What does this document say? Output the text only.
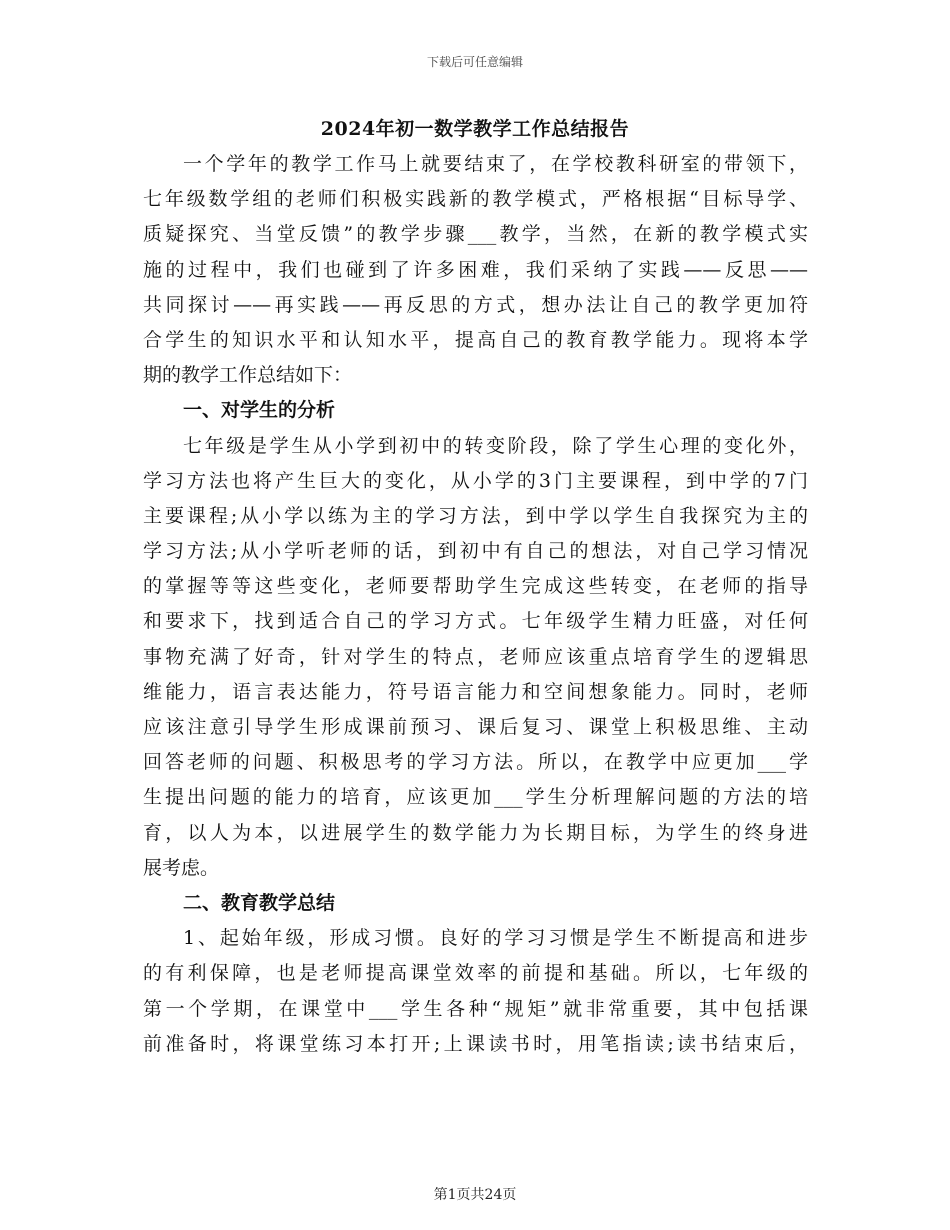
下载后可任意编辑
2024年初一数学教学工作总结报告
一个学年的教学工作马上就要结束了，在学校教科研室的带领下，
七年级数学组的老师们积极实践新的教学模式，严格根据“目标导学、
质疑探究、当堂反馈”的教学步骤___教学，当然，在新的教学模式实
施的过程中，我们也碰到了许多困难，我们采纳了实践——反思——
共同探讨——再实践——再反思的方式，想办法让自己的教学更加符
合学生的知识水平和认知水平，提高自己的教育教学能力。现将本学
期的教学工作总结如下：
一、对学生的分析
七年级是学生从小学到初中的转变阶段，除了学生心理的变化外，
学习方法也将产生巨大的变化，从小学的3门主要课程，到中学的7门
主要课程;从小学以练为主的学习方法，到中学以学生自我探究为主的
学习方法;从小学听老师的话，到初中有自己的想法，对自己学习情况
的掌握等等这些变化，老师要帮助学生完成这些转变，在老师的指导
和要求下，找到适合自己的学习方式。七年级学生精力旺盛，对任何
事物充满了好奇，针对学生的特点，老师应该重点培育学生的逻辑思
维能力，语言表达能力，符号语言能力和空间想象能力。同时，老师
应该注意引导学生形成课前预习、课后复习、课堂上积极思维、主动
回答老师的问题、积极思考的学习方法。所以，在教学中应更加___学
生提出问题的能力的培育，应该更加___学生分析理解问题的方法的培
育，以人为本，以进展学生的数学能力为长期目标，为学生的终身进
展考虑。
二、教育教学总结
1、起始年级，形成习惯。良好的学习习惯是学生不断提高和进步
的有利保障，也是老师提高课堂效率的前提和基础。所以，七年级的
第一个学期，在课堂中___学生各种“规矩”就非常重要，其中包括课
前准备时，将课堂练习本打开;上课读书时，用笔指读;读书结束后，
第1页共24页
